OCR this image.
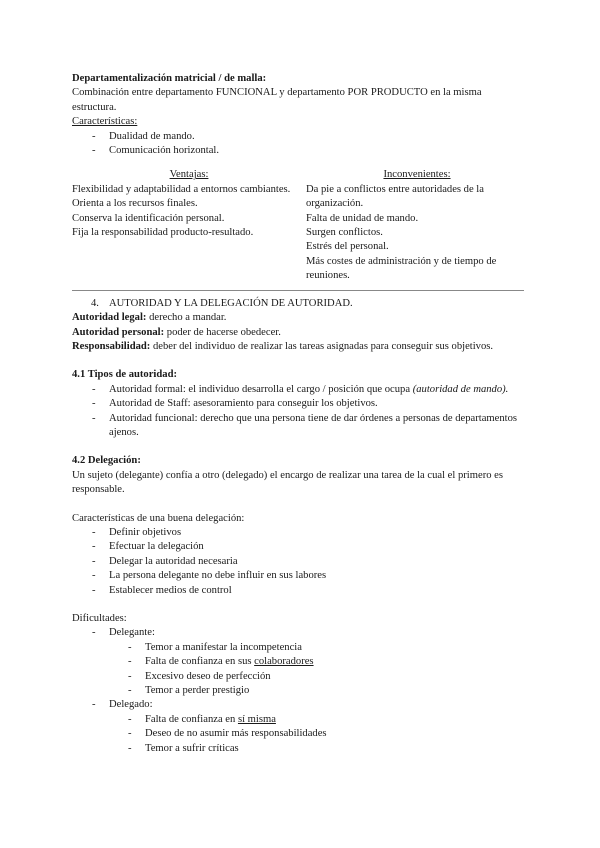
Departamentalización matricial / de malla:

Combinación entre departamento FUNCIONAL y departamento POR PRODUCTO en la misma estructura.

Características:

- Dualidad de mando.

- Comunicación horizontal.

Ventajas:

Flexibilidad y adaptabilidad a entornos cambiantes.

Orienta a los recursos finales.

Conserva la identificación personal.

Fija la responsabilidad producto-resultado.

Inconvenientes:

Da pie a conflictos entre autoridades de la organización.

Falta de unidad de mando.

Surgen conflictos.

Estrés del personal.

Más costes de administración y de tiempo de reuniones.

4. AUTORIDAD Y LA DELEGACIÓN DE AUTORIDAD.

Autoridad legal: derecho a mandar.

Autoridad personal: poder de hacerse obedecer.

Responsabilidad: deber del individuo de realizar las tareas asignadas para conseguir sus objetivos.

4.1 Tipos de autoridad:

- Autoridad formal: el individuo desarrolla el cargo / posición que ocupa (autoridad de mando).

- Autoridad de Staff: asesoramiento para conseguir los objetivos.

- Autoridad funcional: derecho que una persona tiene de dar órdenes a personas de departamentos ajenos.

4.2 Delegación:

Un sujeto (delegante) confía a otro (delegado) el encargo de realizar una tarea de la cual el primero es responsable.

Características de una buena delegación:

- Definir objetivos

- Efectuar la delegación

- Delegar la autoridad necesaria

- La persona delegante no debe influir en sus labores

- Establecer medios de control

Dificultades:

- Delegante:

- Temor a manifestar la incompetencia

- Falta de confianza en sus colaboradores

- Excesivo deseo de perfección

- Temor a perder prestigio

- Delegado:

- Falta de confianza en sí misma

- Deseo de no asumir más responsabilidades

- Temor a sufrir críticas
